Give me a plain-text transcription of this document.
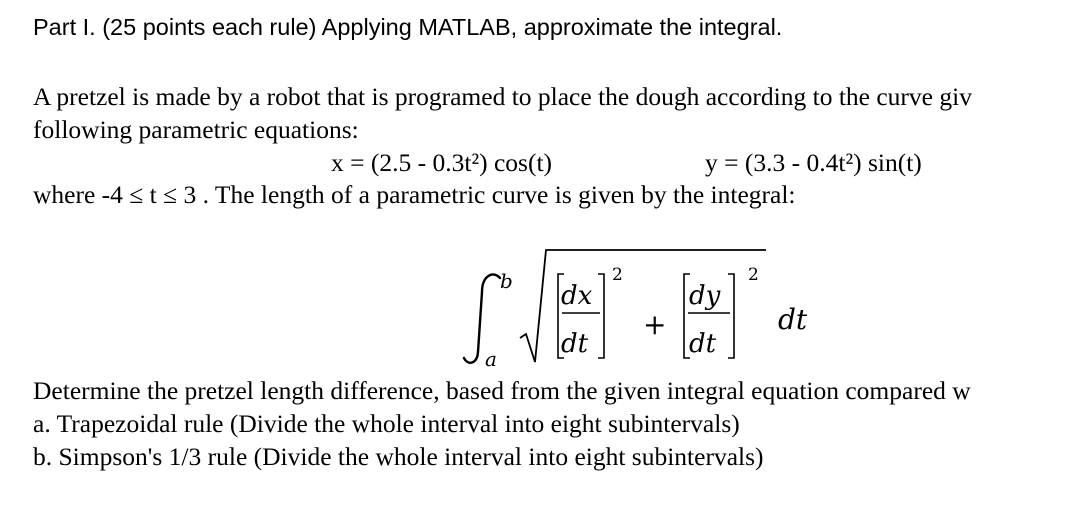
Part I. (25 points each rule) Applying MATLAB, approximate the integral.
A pretzel is made by a robot that is programed to place the dough according to the curve giv
following parametric equations:
x = (2.5 - 0.3t²) cos(t)	y = (3.3 - 0.4t²) sin(t)
where -4 ≤ t ≤ 3 . The length of a parametric curve is given by the integral:
b
a
dx
dt
2
+
dy
dt
2
dt
Determine the pretzel length difference, based from the given integral equation compared w
a. Trapezoidal rule (Divide the whole interval into eight subintervals)
b. Simpson's 1/3 rule (Divide the whole interval into eight subintervals)
